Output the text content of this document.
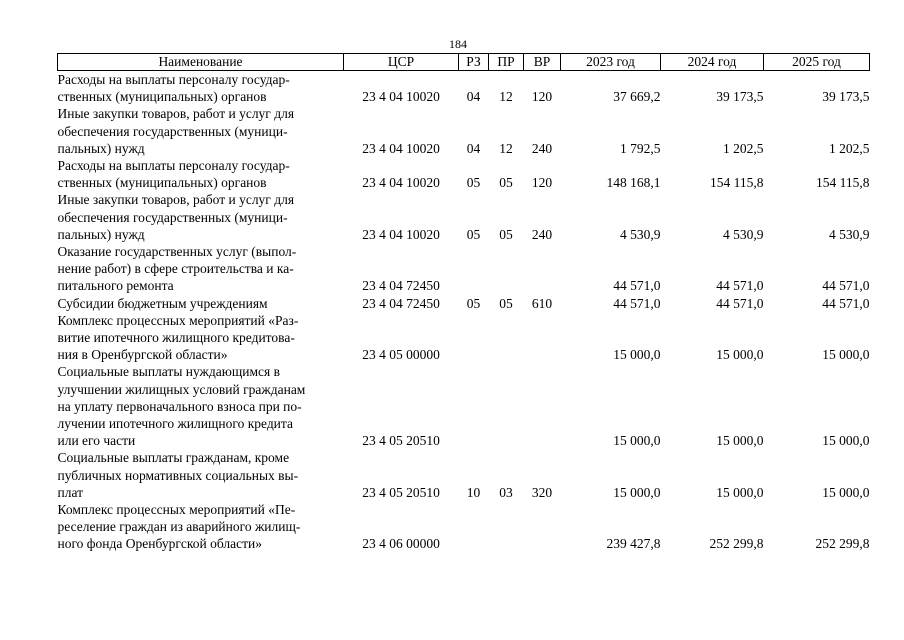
184
Наименование	ЦСР	РЗ	ПР	ВР	2023 год	2024 год	2025 год

Расходы на выплаты персоналу государ-
ственных (муниципальных) органов	23 4 04 10020	04	12	120	37 669,2	39 173,5	39 173,5

Иные закупки товаров, работ и услуг для
обеспечения государственных (муници-
пальных) нужд	23 4 04 10020	04	12	240	1 792,5	1 202,5	1 202,5

Расходы на выплаты персоналу государ-
ственных (муниципальных) органов	23 4 04 10020	05	05	120	148 168,1	154 115,8	154 115,8

Иные закупки товаров, работ и услуг для
обеспечения государственных (муници-
пальных) нужд	23 4 04 10020	05	05	240	4 530,9	4 530,9	4 530,9

Оказание государственных услуг (выпол-
нение работ) в сфере строительства и ка-
питального ремонта	23 4 04 72450				44 571,0	44 571,0	44 571,0

Субсидии бюджетным учреждениям	23 4 04 72450	05	05	610	44 571,0	44 571,0	44 571,0

Комплекс процессных мероприятий «Раз-
витие ипотечного жилищного кредитова-
ния в Оренбургской области»	23 4 05 00000				15 000,0	15 000,0	15 000,0

Социальные выплаты нуждающимся в
улучшении жилищных условий гражданам
на уплату первоначального взноса при по-
лучении ипотечного жилищного кредита
или его части	23 4 05 20510				15 000,0	15 000,0	15 000,0

Социальные выплаты гражданам, кроме
публичных нормативных социальных вы-
плат	23 4 05 20510	10	03	320	15 000,0	15 000,0	15 000,0

Комплекс процессных мероприятий «Пе-
реселение граждан из аварийного жилищ-
ного фонда Оренбургской области»	23 4 06 00000				239 427,8	252 299,8	252 299,8
